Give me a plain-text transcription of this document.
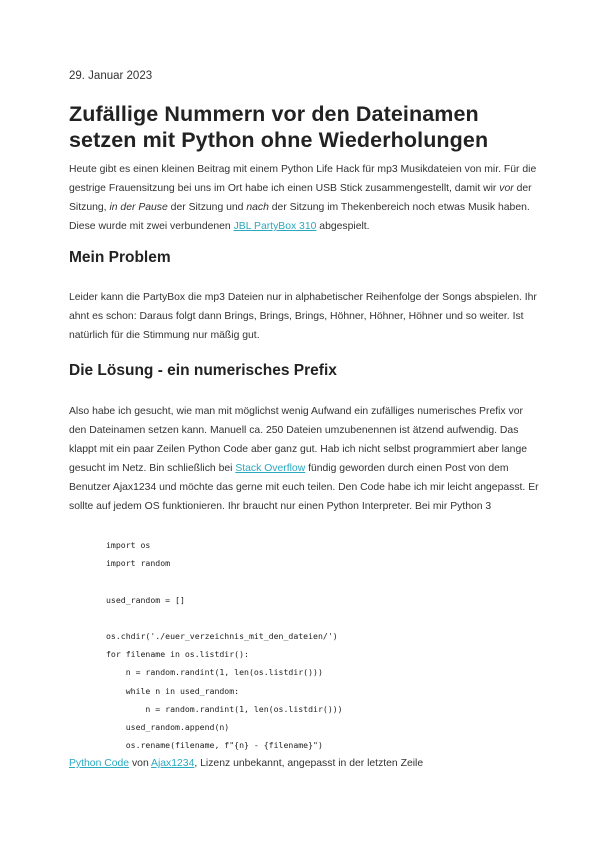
29. Januar 2023
Zufällige Nummern vor den Dateinamen setzen mit Python ohne Wiederholungen

Heute gibt es einen kleinen Beitrag mit einem Python Life Hack für mp3 Musikdateien von mir. Für die gestrige Frauensitzung bei uns im Ort habe ich einen USB Stick zusammengestellt, damit wir vor der Sitzung, in der Pause der Sitzung und nach der Sitzung im Thekenbereich noch etwas Musik haben. Diese wurde mit zwei verbundenen JBL PartyBox 310 abgespielt.

Mein Problem

Leider kann die PartyBox die mp3 Dateien nur in alphabetischer Reihenfolge der Songs abspielen. Ihr ahnt es schon: Daraus folgt dann Brings, Brings, Brings, Höhner, Höhner, Höhner und so weiter. Ist natürlich für die Stimmung nur mäßig gut.

Die Lösung - ein numerisches Prefix

Also habe ich gesucht, wie man mit möglichst wenig Aufwand ein zufälliges numerisches Prefix vor den Dateinamen setzen kann. Manuell ca. 250 Dateien umzubenennen ist ätzend aufwendig. Das klappt mit ein paar Zeilen Python Code aber ganz gut. Hab ich nicht selbst programmiert aber lange gesucht im Netz. Bin schließlich bei Stack Overflow fündig geworden durch einen Post von dem Benutzer Ajax1234 und möchte das gerne mit euch teilen. Den Code habe ich mir leicht angepasst. Er sollte auf jedem OS funktionieren. Ihr braucht nur einen Python Interpreter. Bei mir Python 3

import os
import random
used_random = []
os.chdir('./euer_verzeichnis_mit_den_dateien/')
for filename in os.listdir():
n = random.randint(1, len(os.listdir()))
while n in used_random:
n = random.randint(1, len(os.listdir()))
used_random.append(n)
os.rename(filename, f"{n} - {filename}")
Python Code von Ajax1234, Lizenz unbekannt, angepasst in der letzten Zeile
